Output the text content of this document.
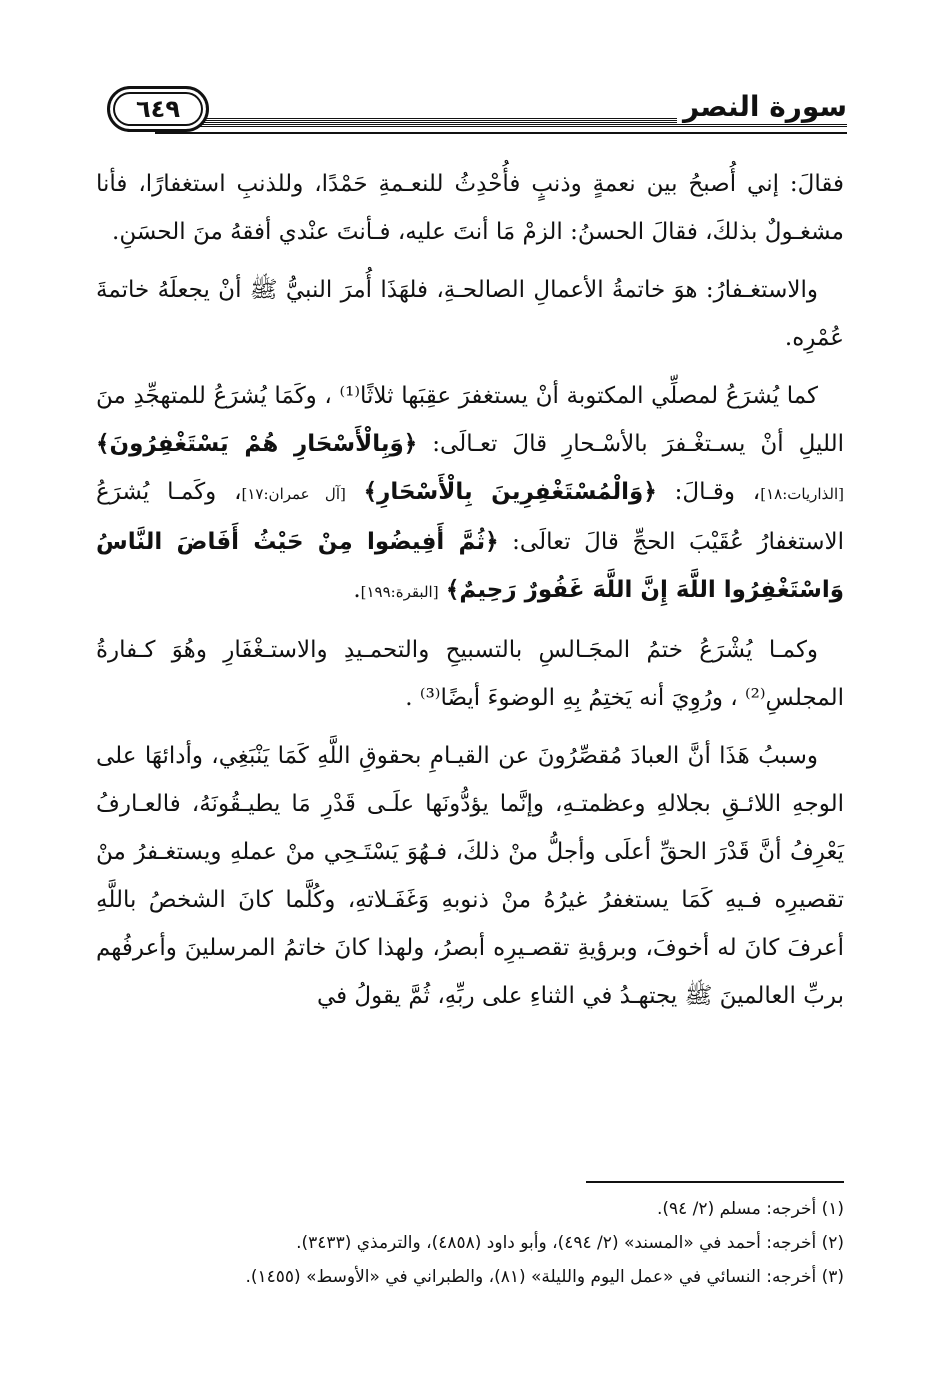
٦٤٩	سورة النصر

فقالَ: إني أُصبحُ بين نعمةٍ وذنبٍ فأُحْدِثُ للنعـمةِ حَمْدًا، وللذنبِ استغفارًا، فأنا مشغـولٌ بذلكَ، فقالَ الحسنُ: الزمْ مَا أنتَ عليه، فـأنتَ عنْدي أفقهُ منَ الحسَنِ.

والاستغـفارُ: هوَ خاتمةُ الأعمالِ الصالحـةِ، فلهَذَا أُمرَ النبيُّ ﷺ أنْ يجعلَهُ خاتمةَ عُمْرِه.

كما يُشرَعُ لمصلِّي المكتوبة أنْ يستغفرَ عقِبَها ثلاثًا⁽¹⁾ ، وكَمَا يُشرَعُ للمتهجِّدِ منَ الليلِ أنْ يسـتغْـفرَ بالأسْـحارِ قالَ تعـالَى: ﴿وَبِالْأَسْحَارِ هُمْ يَسْتَغْفِرُونَ﴾ [الذاريات:١٨]، وقـالَ: ﴿وَالْمُسْتَغْفِرِينَ بِالْأَسْحَارِ﴾ [آل عمران:١٧]، وكَمـا يُشرَعُ الاستغفارُ عُقَيْبَ الحجِّ قالَ تعالَى: ﴿ثُمَّ أَفِيضُوا مِنْ حَيْثُ أَفَاضَ النَّاسُ وَاسْتَغْفِرُوا اللَّهَ إِنَّ اللَّهَ غَفُورٌ رَحِيمٌ﴾ [البقرة:١٩٩].

وكمـا يُشْرَعُ ختمُ المجَـالسِ بالتسبيحِ والتحمـيدِ والاستـغْفَارِ وهُوَ كـفارةُ المجلسِ⁽²⁾ ، ورُوِيَ أنه يَختِمُ بِهِ الوضوءَ أيضًا⁽³⁾ .

وسببُ هَذَا أنَّ العبادَ مُقصِّرُونَ عن القيـامِ بحقوقِ اللَّهِ كَمَا يَنْبَغِي، وأدائهَا على الوجهِ اللائـقِ بجلالهِ وعظمتـهِ، وإنَّما يؤدُّونَها علَـى قَدْرِ مَا يطيـقُونَهُ، فالعـارفُ يَعْرِفُ أنَّ قَدْرَ الحقِّ أعلَى وأجلُّ منْ ذلكَ، فـهُوَ يَسْتَـحِي منْ عملهِ ويستغـفرُ منْ تقصيرِه فـيهِ كَمَا يستغفرُ غيرُهُ منْ ذنوبهِ وَغَفَـلاتهِ، وكُلَّما كانَ الشخصُ باللَّهِ أعرفَ كانَ له أخوفَ، وبرؤيةِ تقصـيرِه أبصرُ، ولهذا كانَ خاتمُ المرسلينَ وأعرفُهم بربِّ العالمينَ ﷺ يجتهـدُ في الثناءِ على ربِّهِ، ثُمَّ يقولُ في

(١) أخرجه: مسلم (٢/ ٩٤).

(٢) أخرجه: أحمد في «المسند» (٢/ ٤٩٤)، وأبو داود (٤٨٥٨)، والترمذي (٣٤٣٣).

(٣) أخرجه: النسائي في «عمل اليوم والليلة» (٨١)، والطبراني في «الأوسط» (١٤٥٥).
